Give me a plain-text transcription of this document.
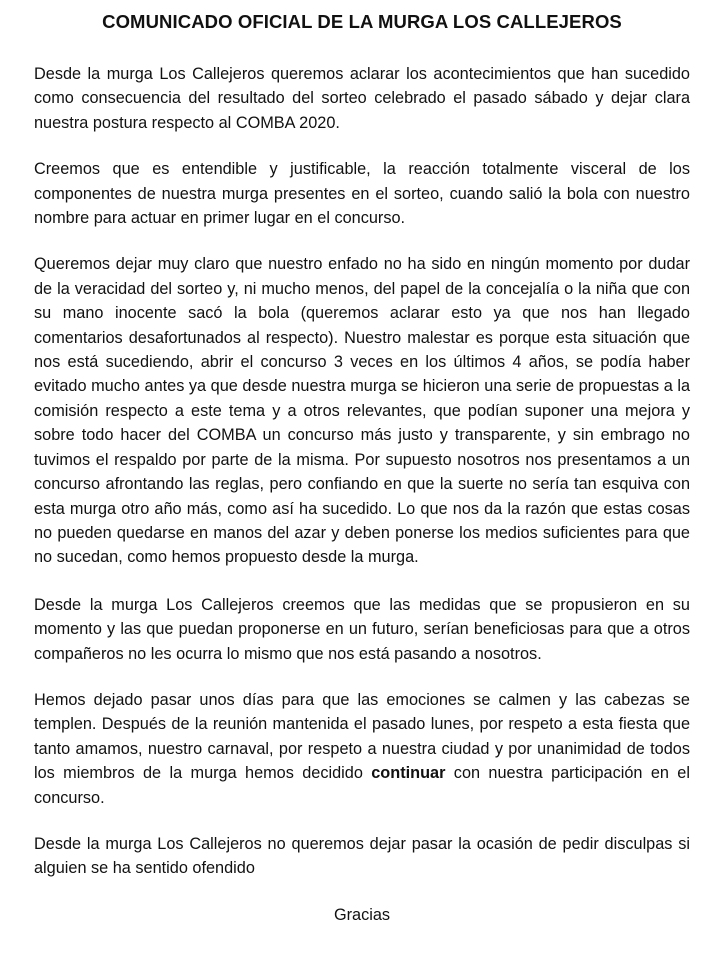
COMUNICADO OFICIAL DE LA MURGA LOS CALLEJEROS

Desde la murga Los Callejeros queremos aclarar los acontecimientos que han sucedido como consecuencia del resultado del sorteo celebrado el pasado sábado y dejar clara nuestra postura respecto al COMBA 2020.

Creemos que es entendible y justificable, la reacción totalmente visceral de los componentes de nuestra murga presentes en el sorteo, cuando salió la bola con nuestro nombre para actuar en primer lugar en el concurso.

Queremos dejar muy claro que nuestro enfado no ha sido en ningún momento por dudar de la veracidad del sorteo y, ni mucho menos, del papel de la concejalía o la niña que con su mano inocente sacó la bola (queremos aclarar esto ya que nos han llegado comentarios desafortunados al respecto). Nuestro malestar es porque esta situación que nos está sucediendo, abrir el concurso 3 veces en los últimos 4 años, se podía haber evitado mucho antes ya que desde nuestra murga se hicieron una serie de propuestas a la comisión respecto a este tema y a otros relevantes, que podían suponer una mejora y sobre todo hacer del COMBA un concurso más justo y transparente, y sin embrago no tuvimos el respaldo por parte de la misma. Por supuesto nosotros nos presentamos a un concurso afrontando las reglas, pero confiando en que la suerte no sería tan esquiva con esta murga otro año más, como así ha sucedido. Lo que nos da la razón que estas cosas no pueden quedarse en manos del azar y deben ponerse los medios suficientes para que no sucedan, como hemos propuesto desde la murga.

Desde la murga Los Callejeros creemos que las medidas que se propusieron en su momento y las que puedan proponerse en un futuro, serían beneficiosas para que a otros compañeros no les ocurra lo mismo que nos está pasando a nosotros.

Hemos dejado pasar unos días para que las emociones se calmen y las cabezas se templen. Después de la reunión mantenida el pasado lunes, por respeto a esta fiesta que tanto amamos, nuestro carnaval, por respeto a nuestra ciudad y por unanimidad de todos los miembros de la murga hemos decidido continuar con nuestra participación en el concurso.

Desde la murga Los Callejeros no queremos dejar pasar la ocasión de pedir disculpas si alguien se ha sentido ofendido

Gracias
